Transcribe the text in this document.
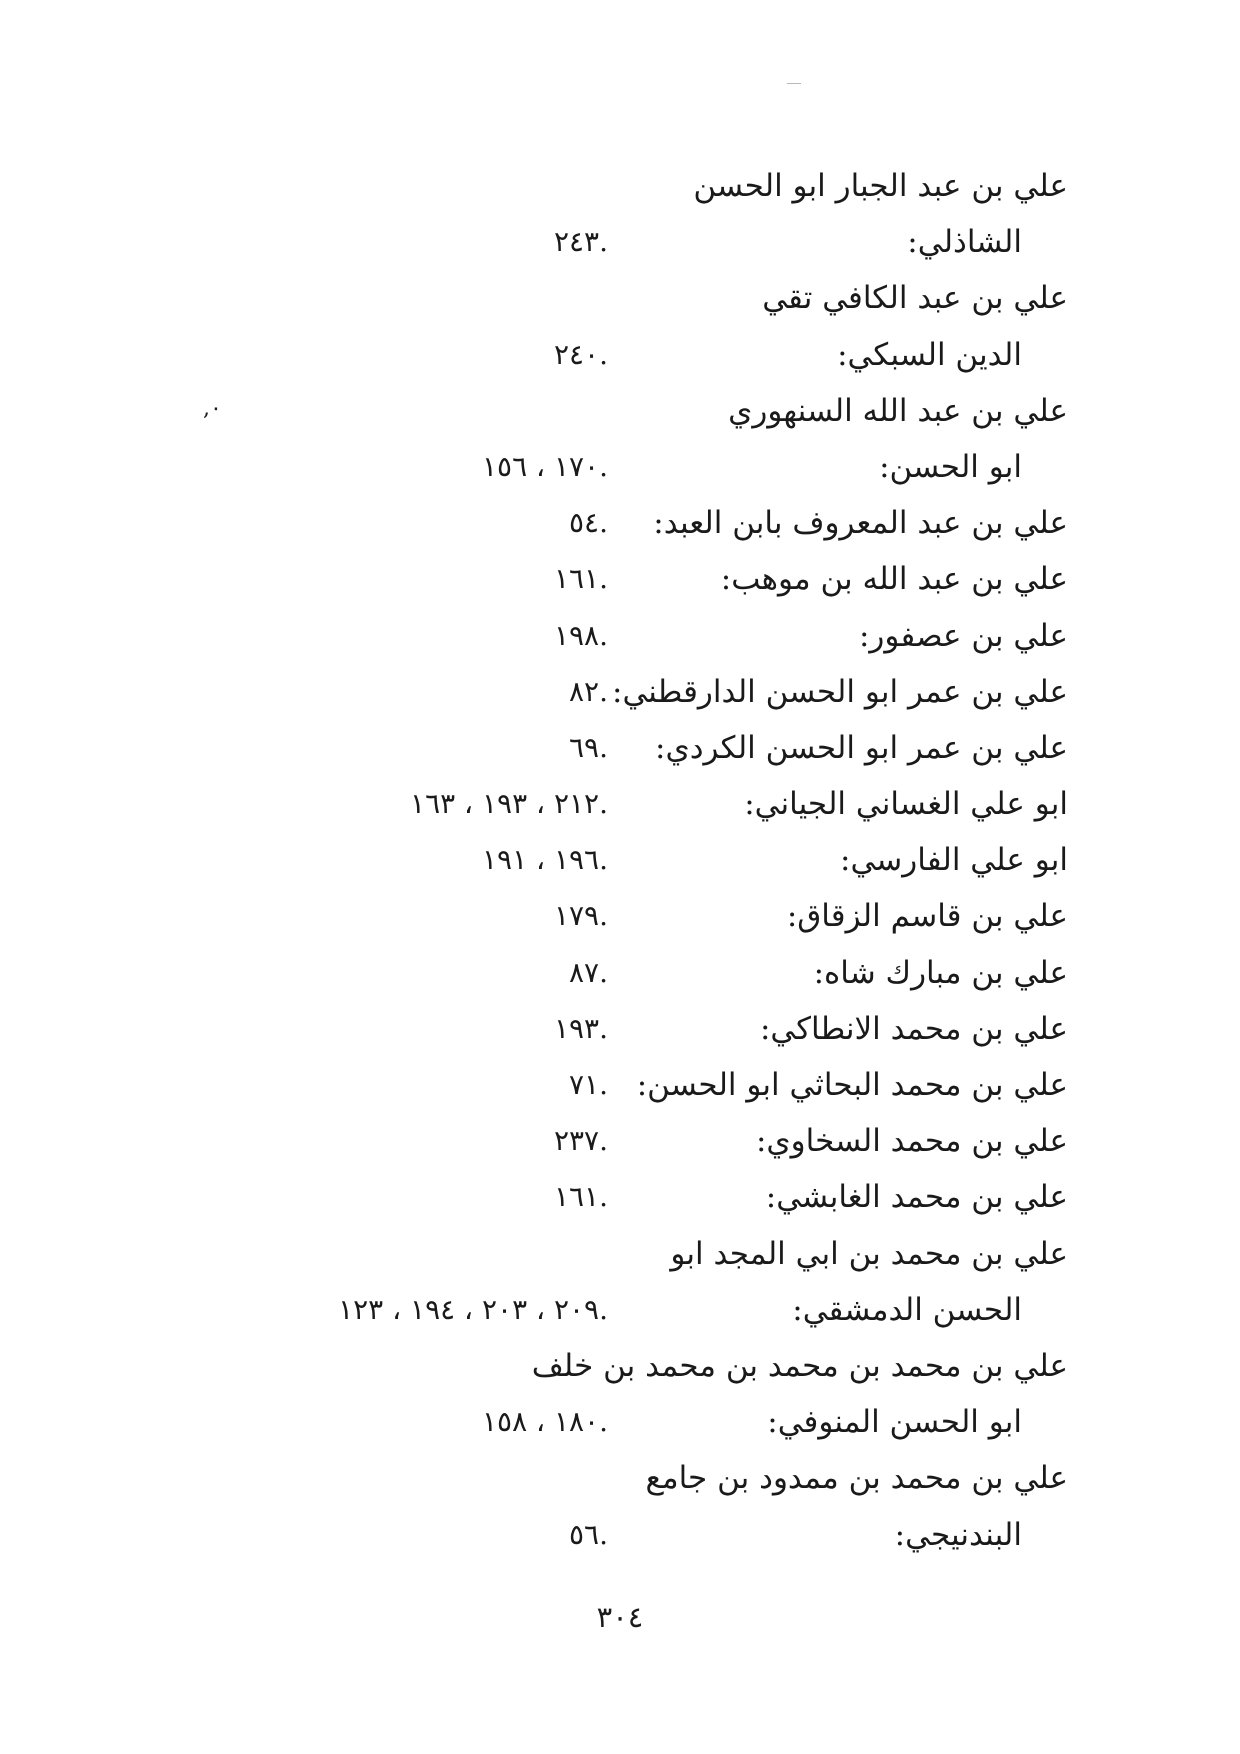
٠,
علي بن عبد الجبار ابو الحسن
الشاذلي:
.٢٤٣
علي بن عبد الكافي تقي
الدين السبكي:
.٢٤٠
علي بن عبد الله السنهوري
ابو الحسن:
.١٧٠ ، ١٥٦
علي بن عبد المعروف بابن العبد:
.٥٤
علي بن عبد الله بن موهب:
.١٦١
علي بن عصفور:
.١٩٨
علي بن عمر ابو الحسن الدارقطني:
.٨٢
علي بن عمر ابو الحسن الكردي:
.٦٩
ابو علي الغساني الجياني:
.٢١٢ ، ١٩٣ ، ١٦٣
ابو علي الفارسي:
.١٩٦ ، ١٩١
علي بن قاسم الزقاق:
.١٧٩
علي بن مبارك شاه:
.٨٧
علي بن محمد الانطاكي:
.١٩٣
علي بن محمد البحاثي ابو الحسن:
.٧١
علي بن محمد السخاوي:
.٢٣٧
علي بن محمد الغابشي:
.١٦١
علي بن محمد بن ابي المجد ابو
الحسن الدمشقي:
.٢٠٩ ، ٢٠٣ ، ١٩٤ ، ١٢٣
علي بن محمد بن محمد بن محمد بن خلف
ابو الحسن المنوفي:
.١٨٠ ، ١٥٨
علي بن محمد بن ممدود بن جامع
البندنيجي:
.٥٦
٣٠٤
